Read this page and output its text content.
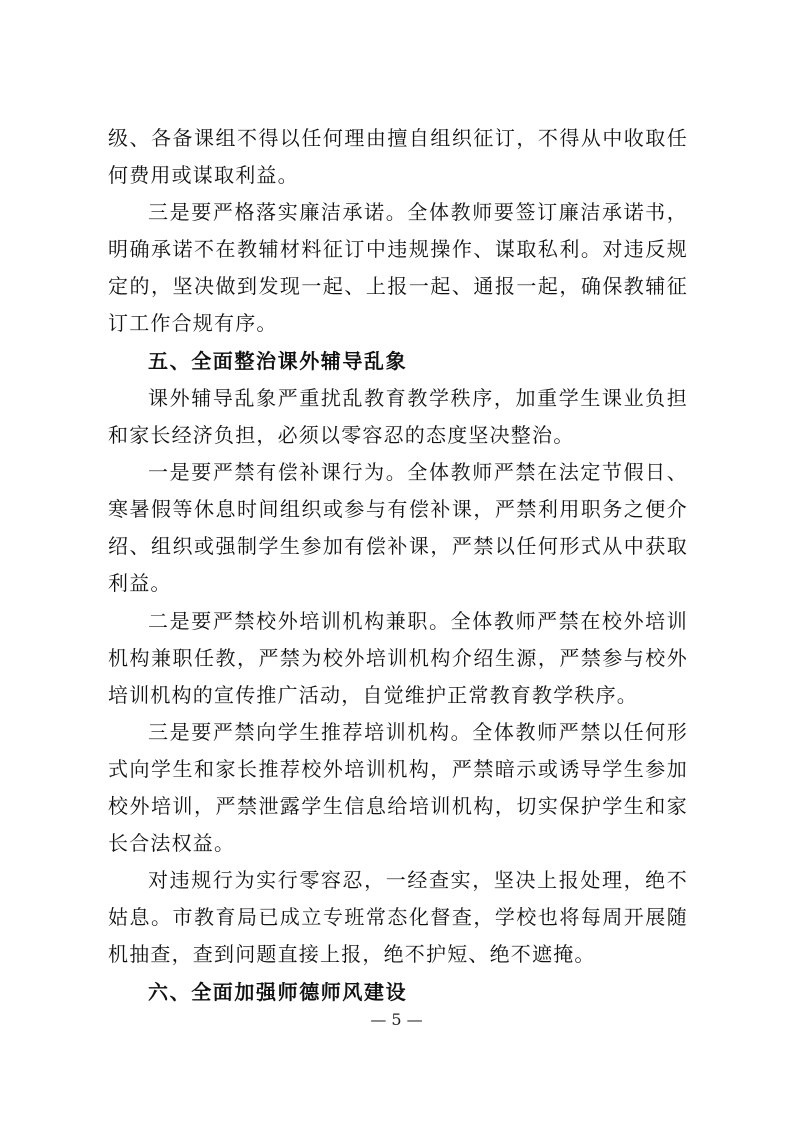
级、各备课组不得以任何理由擅自组织征订，不得从中收取任
何费用或谋取利益。
三是要严格落实廉洁承诺。全体教师要签订廉洁承诺书，
明确承诺不在教辅材料征订中违规操作、谋取私利。对违反规
定的，坚决做到发现一起、上报一起、通报一起，确保教辅征
订工作合规有序。
五、全面整治课外辅导乱象
课外辅导乱象严重扰乱教育教学秩序，加重学生课业负担
和家长经济负担，必须以零容忍的态度坚决整治。
一是要严禁有偿补课行为。全体教师严禁在法定节假日、
寒暑假等休息时间组织或参与有偿补课，严禁利用职务之便介
绍、组织或强制学生参加有偿补课，严禁以任何形式从中获取
利益。
二是要严禁校外培训机构兼职。全体教师严禁在校外培训
机构兼职任教，严禁为校外培训机构介绍生源，严禁参与校外
培训机构的宣传推广活动，自觉维护正常教育教学秩序。
三是要严禁向学生推荐培训机构。全体教师严禁以任何形
式向学生和家长推荐校外培训机构，严禁暗示或诱导学生参加
校外培训，严禁泄露学生信息给培训机构，切实保护学生和家
长合法权益。
对违规行为实行零容忍，一经查实，坚决上报处理，绝不
姑息。市教育局已成立专班常态化督查，学校也将每周开展随
机抽查，查到问题直接上报，绝不护短、绝不遮掩。
六、全面加强师德师风建设
— 5 —
